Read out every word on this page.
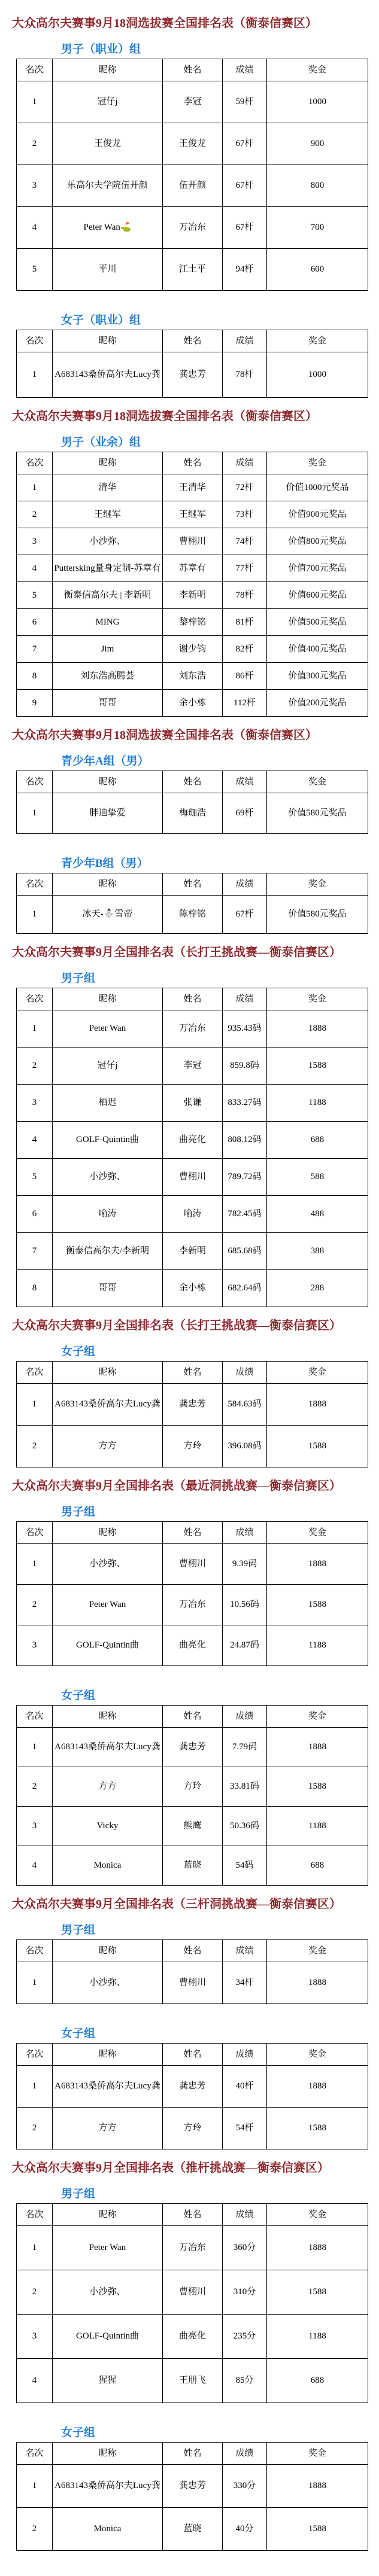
大众高尔夫赛事9月18洞选拔赛全国排名表（衡泰信赛区）
男子（职业）组
名次	昵称	姓名	成绩	奖金
1	冠仔j	李冠	59杆	1000
2	王俊龙	王俊龙	67杆	900
3	乐高尔夫学院伍开颜	伍开颜	67杆	800
4	Peter Wan⛳	万冶东	67杆	700
5	平川	江土平	94杆	600
女子（职业）组
名次	昵称	姓名	成绩	奖金
1	A683143桑侨高尔夫Lucy龚	龚忠芳	78杆	1000
大众高尔夫赛事9月18洞选拔赛全国排名表（衡泰信赛区）
男子（业余）组
名次	昵称	姓名	成绩	奖金
1	清华	王清华	72杆	价值1000元奖品
2	王继军	王继军	73杆	价值900元奖品
3	小沙弥、	曹栩川	74杆	价值800元奖品
4	Puttersking量身定制-苏章有	苏章有	77杆	价值700元奖品
5	衡泰信高尔夫 | 李新明	李新明	78杆	价值600元奖品
6	MING	黎梓铭	81杆	价值500元奖品
7	Jim	谢少钧	82杆	价值400元奖品
8	刘东浩高腾荟	刘东浩	86杆	价值300元奖品
9	哥哥	余小栋	112杆	价值200元奖品
大众高尔夫赛事9月18洞选拔赛全国排名表（衡泰信赛区）
青少年A组（男）
名次	昵称	姓名	成绩	奖金
1	胖迪挚爱	梅珈浩	69杆	价值580元奖品
青少年B组（男）
名次	昵称	姓名	成绩	奖金
1	冰天-⛄雪帝	陈梓铭	67杆	价值580元奖品
大众高尔夫赛事9月全国排名表（长打王挑战赛—衡泰信赛区）
男子组
名次	昵称	姓名	成绩	奖金
1	Peter Wan	万冶东	935.43码	1888
2	冠仔j	李冠	859.8码	1588
3	栖迟	张谦	833.27码	1188
4	GOLF-Quintin曲	曲亮化	808.12码	688
5	小沙弥、	曹栩川	789.72码	588
6	喻涛	喻涛	782.45码	488
7	衡泰信高尔夫/李新明	李新明	685.68码	388
8	哥哥	余小栋	682.64码	288
大众高尔夫赛事9月全国排名表（长打王挑战赛—衡泰信赛区）
女子组
名次	昵称	姓名	成绩	奖金
1	A683143桑侨高尔夫Lucy龚	龚忠芳	584.63码	1888
2	方方	方玲	396.08码	1588
大众高尔夫赛事9月全国排名表（最近洞挑战赛—衡泰信赛区）
男子组
名次	昵称	姓名	成绩	奖金
1	小沙弥、	曹栩川	9.39码	1888
2	Peter Wan	万冶东	10.56码	1588
3	GOLF-Quintin曲	曲亮化	24.87码	1188
女子组
名次	昵称	姓名	成绩	奖金
1	A683143桑侨高尔夫Lucy龚	龚忠芳	7.79码	1888
2	方方	方玲	33.81码	1588
3	Vicky	熊鹰	50.36码	1188
4	Monica	蓝晓	54码	688
大众高尔夫赛事9月全国排名表（三杆洞挑战赛—衡泰信赛区）
男子组
名次	昵称	姓名	成绩	奖金
1	小沙弥、	曹栩川	34杆	1888
女子组
名次	昵称	姓名	成绩	奖金
1	A683143桑侨高尔夫Lucy龚	龚忠芳	40杆	1888
2	方方	方玲	54杆	1588
大众高尔夫赛事9月全国排名表（推杆挑战赛—衡泰信赛区）
男子组
名次	昵称	姓名	成绩	奖金
1	Peter Wan	万冶东	360分	1888
2	小沙弥、	曹栩川	310分	1588
3	GOLF-Quintin曲	曲亮化	235分	1188
4	猩猩	王朋飞	85分	688
女子组
名次	昵称	姓名	成绩	奖金
1	A683143桑侨高尔夫Lucy龚	龚忠芳	330分	1888
2	Monica	蓝晓	40分	1588
